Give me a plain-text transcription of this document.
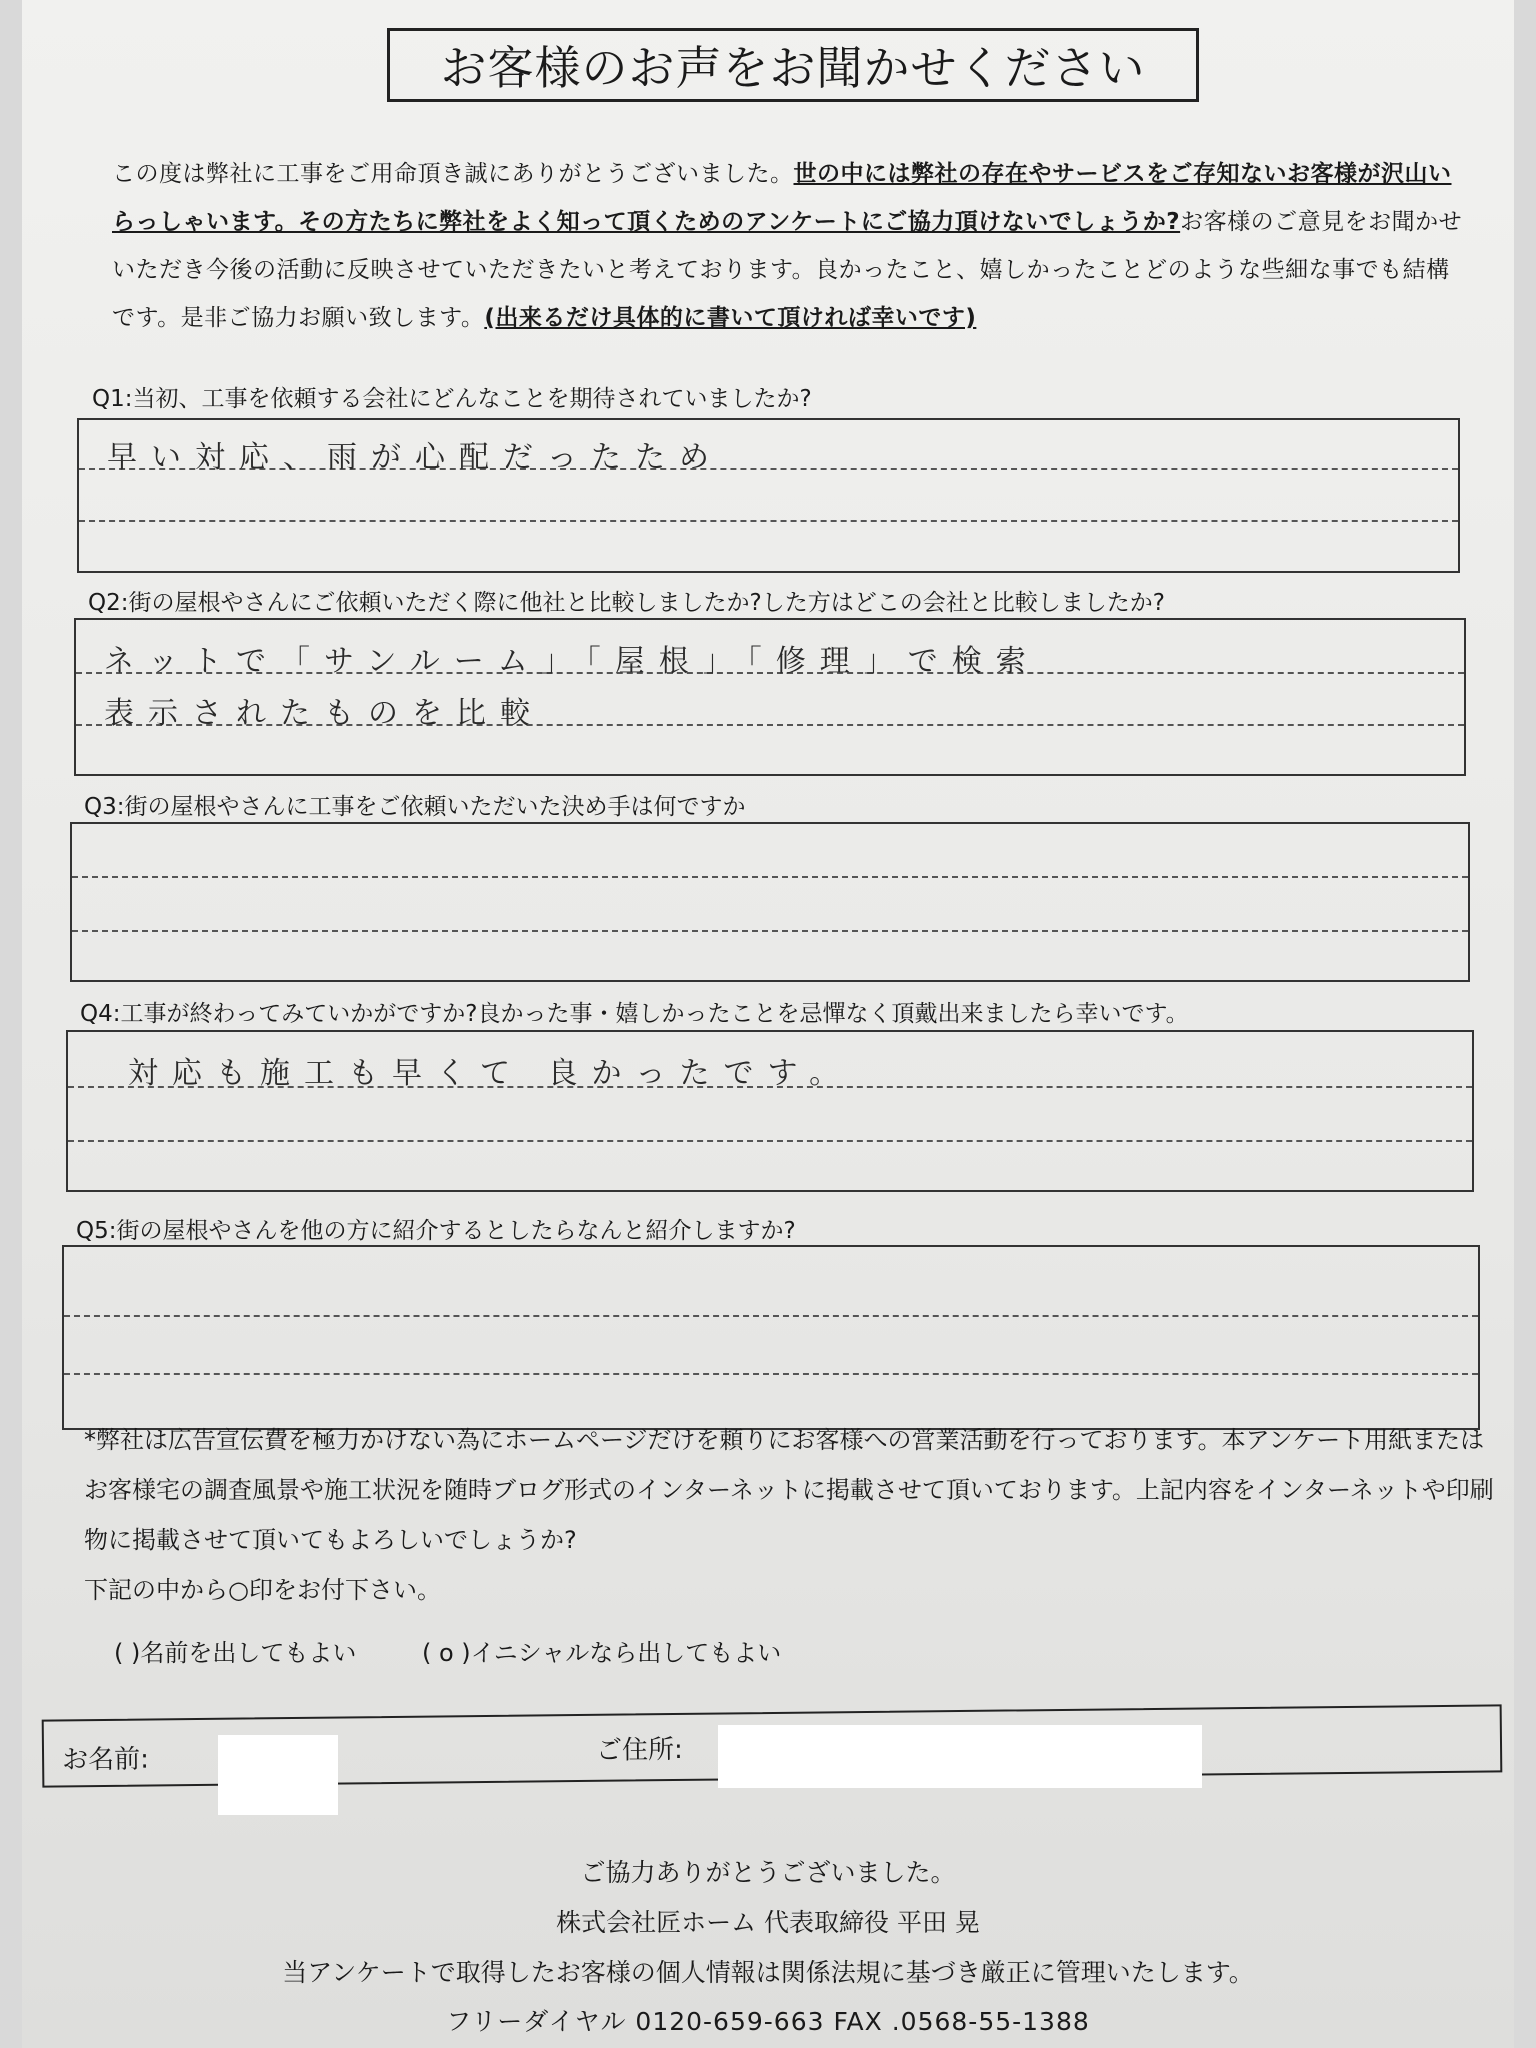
お客様のお声をお聞かせください
この度は弊社に工事をご用命頂き誠にありがとうございました。世の中には弊社の存在やサービスをご存知ないお客様が沢山いらっしゃいます。その方たちに弊社をよく知って頂くためのアンケートにご協力頂けないでしょうか?お客様のご意見をお聞かせいただき今後の活動に反映させていただきたいと考えております。良かったこと、嬉しかったことどのような些細な事でも結構です。是非ご協力お願い致します。(出来るだけ具体的に書いて頂ければ幸いです)
Q1:当初、工事を依頼する会社にどんなことを期待されていましたか?
早い対応、雨が心配だったため
Q2:街の屋根やさんにご依頼いただく際に他社と比較しましたか?した方はどこの会社と比較しましたか?
ネットで「サンルーム」「屋根」「修理」で検索
表示されたものを比較
Q3:街の屋根やさんに工事をご依頼いただいた決め手は何ですか
Q4:工事が終わってみていかがですか?良かった事・嬉しかったことを忌憚なく頂戴出来ましたら幸いです。
対応も施工も早くて 良かったです。
Q5:街の屋根やさんを他の方に紹介するとしたらなんと紹介しますか?
*弊社は広告宣伝費を極力かけない為にホームページだけを頼りにお客様への営業活動を行っております。本アンケート用紙またはお客様宅の調査風景や施工状況を随時ブログ形式のインターネットに掲載させて頂いております。上記内容をインターネットや印刷物に掲載させて頂いてもよろしいでしょうか?
下記の中から○印をお付下さい。
( )名前を出してもよい	( o )イニシャルなら出してもよい
お名前:	ご住所:
ご協力ありがとうございました。
株式会社匠ホーム 代表取締役 平田 晃
当アンケートで取得したお客様の個人情報は関係法規に基づき厳正に管理いたします。
フリーダイヤル 0120-659-663 FAX .0568-55-1388
